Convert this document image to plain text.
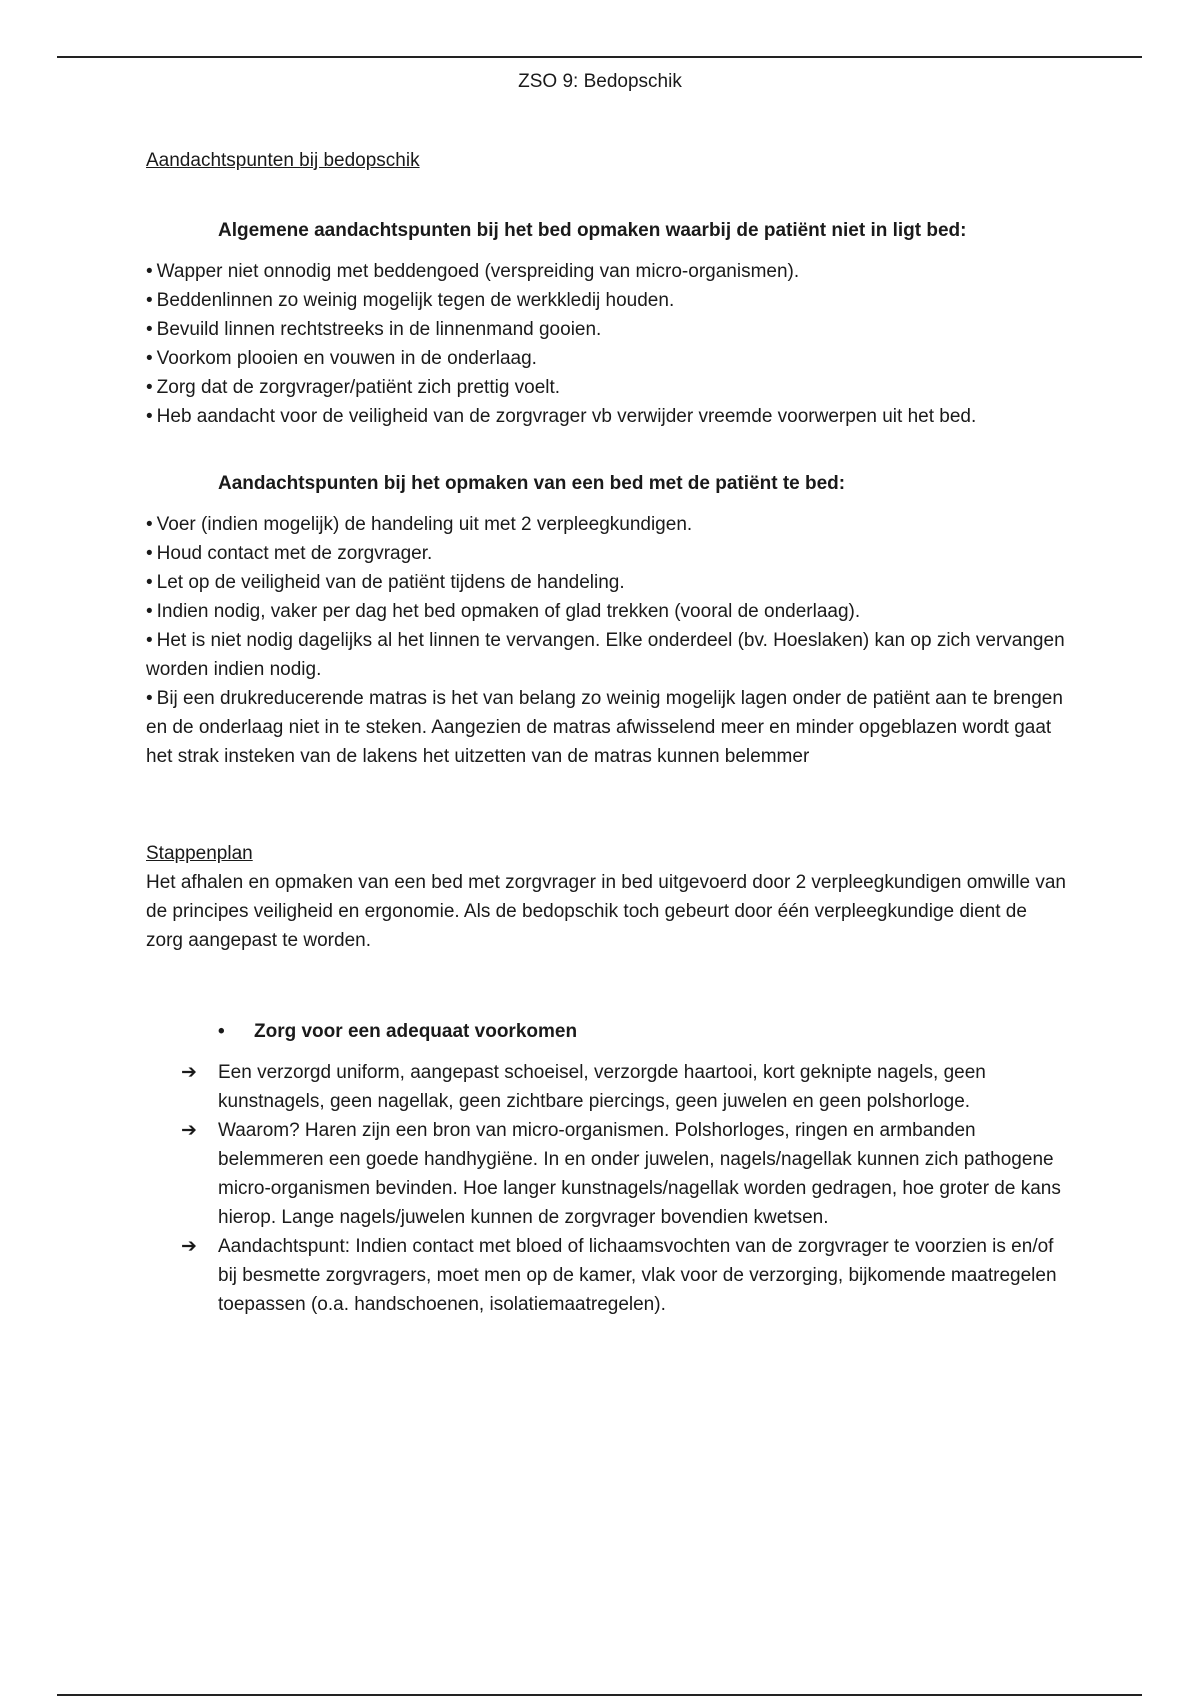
ZSO 9: Bedopschik

Aandachtspunten bij bedopschik

Algemene aandachtspunten bij het bed opmaken waarbij de patiënt niet in ligt bed:

• Wapper niet onnodig met beddengoed (verspreiding van micro-organismen).
• Beddenlinnen zo weinig mogelijk tegen de werkkledij houden.
• Bevuild linnen rechtstreeks in de linnenmand gooien.
• Voorkom plooien en vouwen in de onderlaag.
• Zorg dat de zorgvrager/patiënt zich prettig voelt.
• Heb aandacht voor de veiligheid van de zorgvrager vb verwijder vreemde voorwerpen uit het bed.

Aandachtspunten bij het opmaken van een bed met de patiënt te bed:

• Voer (indien mogelijk) de handeling uit met 2 verpleegkundigen.
• Houd contact met de zorgvrager.
• Let op de veiligheid van de patiënt tijdens de handeling.
• Indien nodig, vaker per dag het bed opmaken of glad trekken (vooral de onderlaag).
• Het is niet nodig dagelijks al het linnen te vervangen. Elke onderdeel (bv. Hoeslaken) kan op zich vervangen worden indien nodig.
• Bij een drukreducerende matras is het van belang zo weinig mogelijk lagen onder de patiënt aan te brengen en de onderlaag niet in te steken. Aangezien de matras afwisselend meer en minder opgeblazen wordt gaat het strak insteken van de lakens het uitzetten van de matras kunnen belemmer

Stappenplan

Het afhalen en opmaken van een bed met zorgvrager in bed uitgevoerd door 2 verpleegkundigen omwille van de principes veiligheid en ergonomie. Als de bedopschik toch gebeurt door één verpleegkundige dient de zorg aangepast te worden.

• Zorg voor een adequaat voorkomen

➔ Een verzorgd uniform, aangepast schoeisel, verzorgde haartooi, kort geknipte nagels, geen kunstnagels, geen nagellak, geen zichtbare piercings, geen juwelen en geen polshorloge.
➔ Waarom? Haren zijn een bron van micro-organismen. Polshorloges, ringen en armbanden belemmeren een goede handhygiëne. In en onder juwelen, nagels/nagellak kunnen zich pathogene micro-organismen bevinden. Hoe langer kunstnagels/nagellak worden gedragen, hoe groter de kans hierop. Lange nagels/juwelen kunnen de zorgvrager bovendien kwetsen.
➔ Aandachtspunt: Indien contact met bloed of lichaamsvochten van de zorgvrager te voorzien is en/of bij besmette zorgvragers, moet men op de kamer, vlak voor de verzorging, bijkomende maatregelen toepassen (o.a. handschoenen, isolatiemaatregelen).
